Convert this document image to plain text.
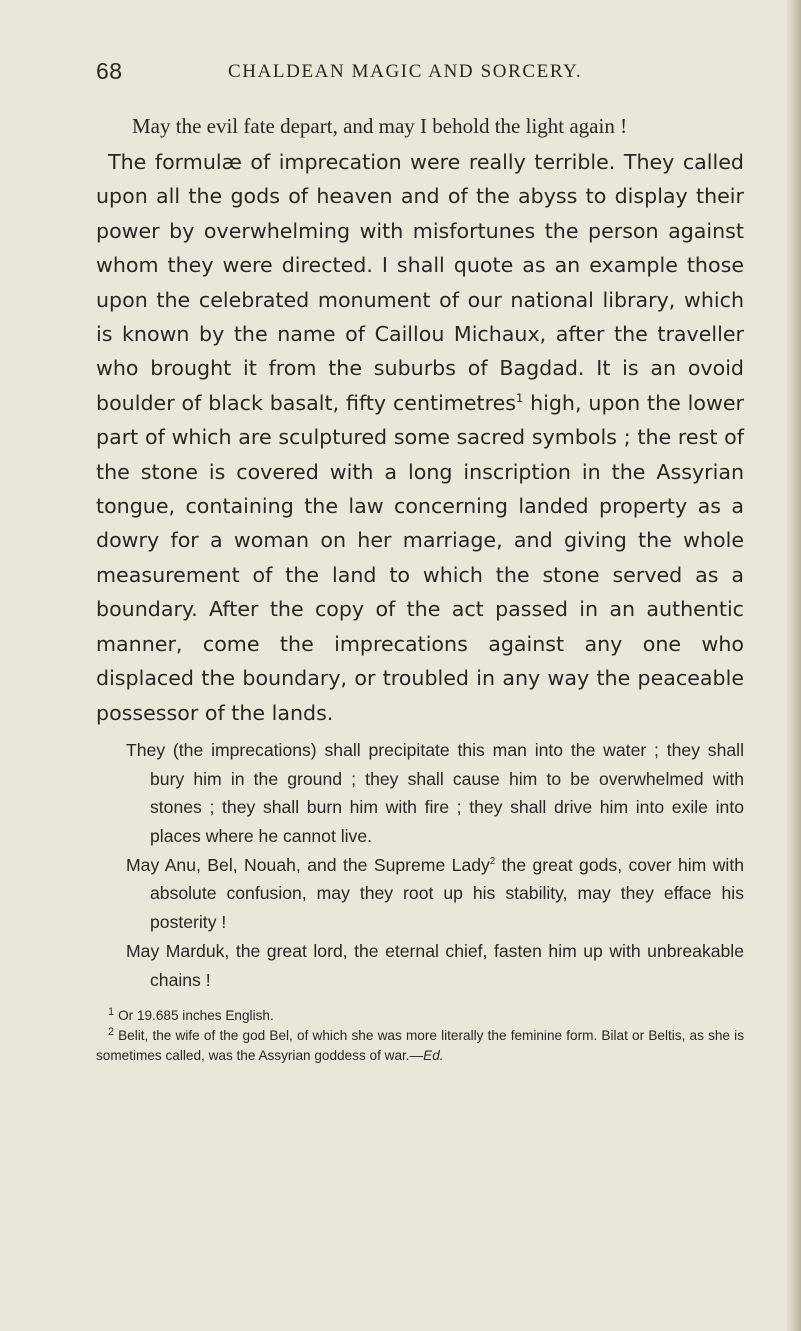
68	CHALDEAN MAGIC AND SORCERY.

May the evil fate depart, and may I behold the light again !

The formulæ of imprecation were really terrible. They called upon all the gods of heaven and of the abyss to display their power by overwhelming with misfortunes the person against whom they were directed. I shall quote as an example those upon the celebrated monument of our national library, which is known by the name of Caillou Michaux, after the traveller who brought it from the suburbs of Bagdad. It is an ovoid boulder of black basalt, fifty centimetres$^1$ high, upon the lower part of which are sculptured some sacred symbols ; the rest of the stone is covered with a long inscription in the Assyrian tongue, containing the law concerning landed property as a dowry for a woman on her marriage, and giving the whole measurement of the land to which the stone served as a boundary. After the copy of the act passed in an authentic manner, come the imprecations against any one who displaced the boundary, or troubled in any way the peaceable possessor of the lands.

They (the imprecations) shall precipitate this man into the water ; they shall bury him in the ground ; they shall cause him to be overwhelmed with stones ; they shall burn him with fire ; they shall drive him into exile into places where he cannot live.

May Anu, Bel, Nouah, and the Supreme Lady$^2$ the great gods, cover him with absolute confusion, may they root up his stability, may they efface his posterity !

May Marduk, the great lord, the eternal chief, fasten him up with unbreakable chains !

$^1$ Or 19.685 inches English.

$^2$ Belit, the wife of the god Bel, of which she was more literally the feminine form. Bilat or Beltis, as she is sometimes called, was the Assyrian goddess of war.—Ed.
